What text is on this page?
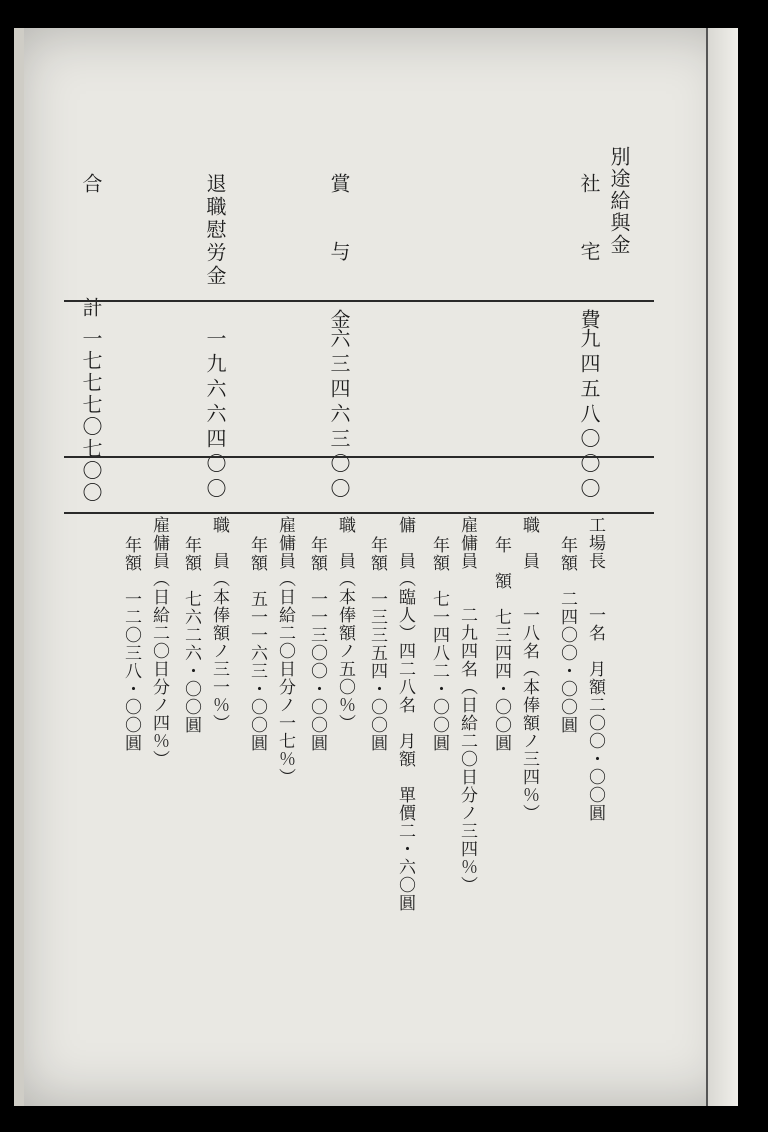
別途給與金
社　宅　費
九四五八〇〇〇
賞　与　金
六三四六三〇〇
退職慰労金
一九六六四〇〇
合　　　計
一七七七〇七〇〇
工場長　　一名　月額二〇〇・〇〇圓
年額　二四〇〇・〇〇圓
職　員　　一八名（本俸額ノ三四％）
年　額　七三四四・〇〇圓
雇傭員　　二九四名（日給二〇日分ノ三四％）
年額　七一四八二・〇〇圓
傭　員（臨人）四二八名　月額　單價二・六〇圓
年額　一三三五四・〇〇圓
職　員（本俸額ノ五〇％）
年額　一一三〇〇・〇〇圓
雇傭員（日給二〇日分ノ一七％）
年額　五一一六三・〇〇圓
職　員（本俸額ノ三一％）
年額　七六二六・〇〇圓
雇傭員（日給二〇日分ノ四％）
年額　一二〇三八・〇〇圓
